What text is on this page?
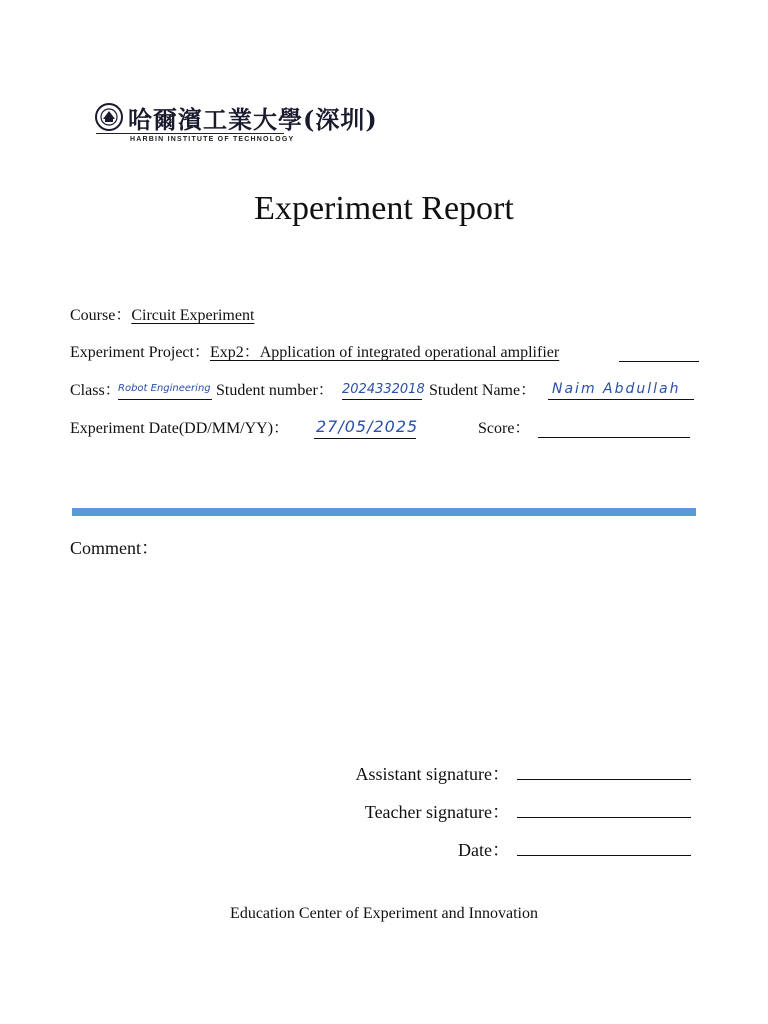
哈爾濱工業大學(深圳)
HARBIN INSTITUTE OF TECHNOLOGY
Experiment Report
Course：Circuit Experiment
Experiment Project：Exp2：Application of integrated operational amplifier
Class：
Robot Engineering Student number： 2024332018 Student Name： Naim Abdullah
Experiment Date(DD/MM/YY)： 27/05/2025	Score：
Comment：
Assistant signature：
Teacher signature：
Date：
Education Center of Experiment and Innovation
